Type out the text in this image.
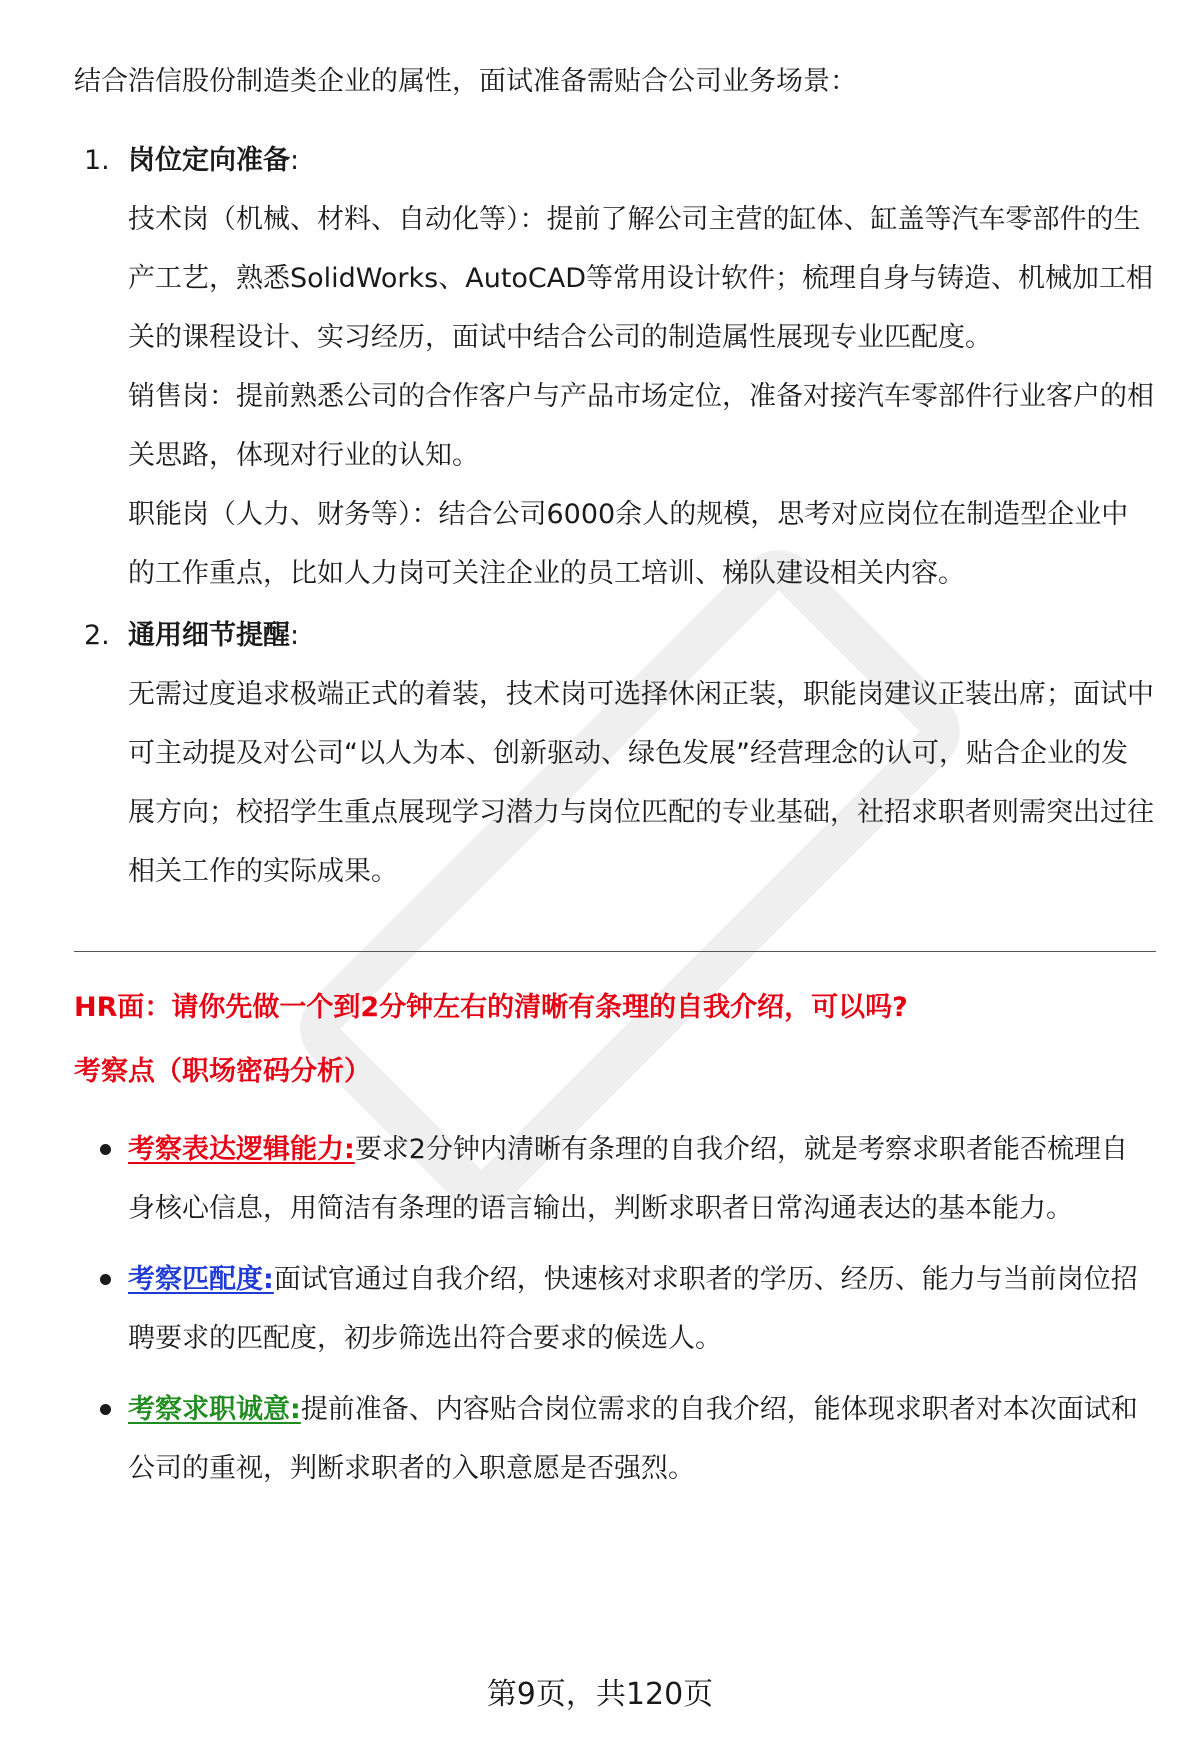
结合浩信股份制造类企业的属性，面试准备需贴合公司业务场景：

1. 岗位定向准备:

技术岗（机械、材料、自动化等）：提前了解公司主营的缸体、缸盖等汽车零部件的生产工艺，熟悉SolidWorks、AutoCAD等常用设计软件；梳理自身与铸造、机械加工相关的课程设计、实习经历，面试中结合公司的制造属性展现专业匹配度。

销售岗：提前熟悉公司的合作客户与产品市场定位，准备对接汽车零部件行业客户的相关思路，体现对行业的认知。

职能岗（人力、财务等）：结合公司6000余人的规模，思考对应岗位在制造型企业中的工作重点，比如人力岗可关注企业的员工培训、梯队建设相关内容。

2. 通用细节提醒:

无需过度追求极端正式的着装，技术岗可选择休闲正装，职能岗建议正装出席；面试中可主动提及对公司“以人为本、创新驱动、绿色发展”经营理念的认可，贴合企业的发展方向；校招学生重点展现学习潜力与岗位匹配的专业基础，社招求职者则需突出过往相关工作的实际成果。

HR面：请你先做一个到2分钟左右的清晰有条理的自我介绍，可以吗?

考察点（职场密码分析）

考察表达逻辑能力:要求2分钟内清晰有条理的自我介绍，就是考察求职者能否梳理自身核心信息，用简洁有条理的语言输出，判断求职者日常沟通表达的基本能力。
考察匹配度:面试官通过自我介绍，快速核对求职者的学历、经历、能力与当前岗位招聘要求的匹配度，初步筛选出符合要求的候选人。
考察求职诚意:提前准备、内容贴合岗位需求的自我介绍，能体现求职者对本次面试和公司的重视，判断求职者的入职意愿是否强烈。
第9页，共120页
